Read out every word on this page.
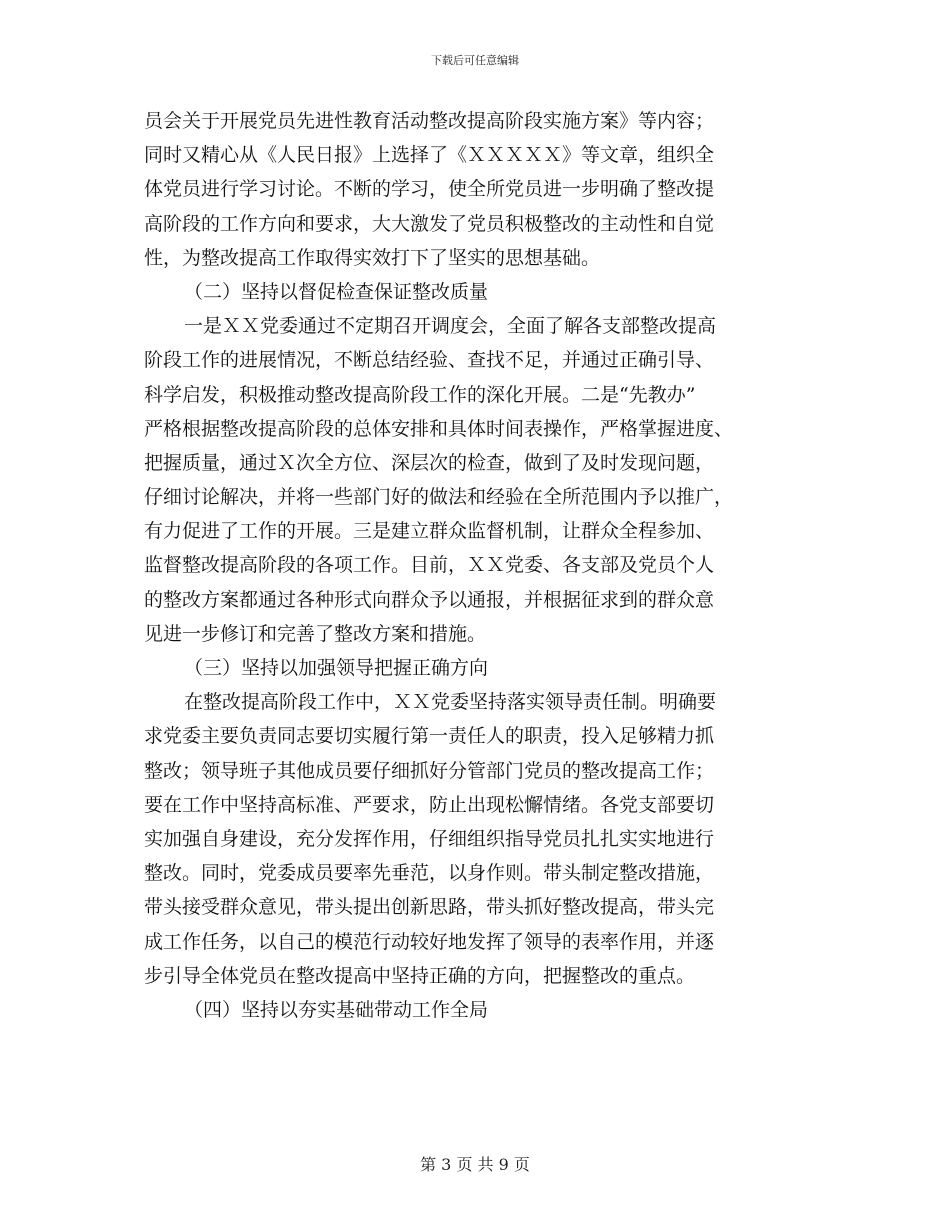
下载后可任意编辑
员会关于开展党员先进性教育活动整改提高阶段实施方案》等内容；
同时又精心从《人民日报》上选择了《ＸＸＸＸＸ》等文章，组织全
体党员进行学习讨论。不断的学习，使全所党员进一步明确了整改提
高阶段的工作方向和要求，大大激发了党员积极整改的主动性和自觉
性，为整改提高工作取得实效打下了坚实的思想基础。
（二）坚持以督促检查保证整改质量
一是ＸＸ党委通过不定期召开调度会，全面了解各支部整改提高
阶段工作的进展情况，不断总结经验、查找不足，并通过正确引导、
科学启发，积极推动整改提高阶段工作的深化开展。二是“先教办”
严格根据整改提高阶段的总体安排和具体时间表操作，严格掌握进度、
把握质量，通过Ｘ次全方位、深层次的检查，做到了及时发现问题，
仔细讨论解决，并将一些部门好的做法和经验在全所范围内予以推广，
有力促进了工作的开展。三是建立群众监督机制，让群众全程参加、
监督整改提高阶段的各项工作。目前，ＸＸ党委、各支部及党员个人
的整改方案都通过各种形式向群众予以通报，并根据征求到的群众意
见进一步修订和完善了整改方案和措施。
（三）坚持以加强领导把握正确方向
在整改提高阶段工作中，ＸＸ党委坚持落实领导责任制。明确要
求党委主要负责同志要切实履行第一责任人的职责，投入足够精力抓
整改；领导班子其他成员要仔细抓好分管部门党员的整改提高工作；
要在工作中坚持高标准、严要求，防止出现松懈情绪。各党支部要切
实加强自身建设，充分发挥作用，仔细组织指导党员扎扎实实地进行
整改。同时，党委成员要率先垂范，以身作则。带头制定整改措施，
带头接受群众意见，带头提出创新思路，带头抓好整改提高，带头完
成工作任务，以自己的模范行动较好地发挥了领导的表率作用，并逐
步引导全体党员在整改提高中坚持正确的方向，把握整改的重点。
（四）坚持以夯实基础带动工作全局
第 3 页 共 9 页
